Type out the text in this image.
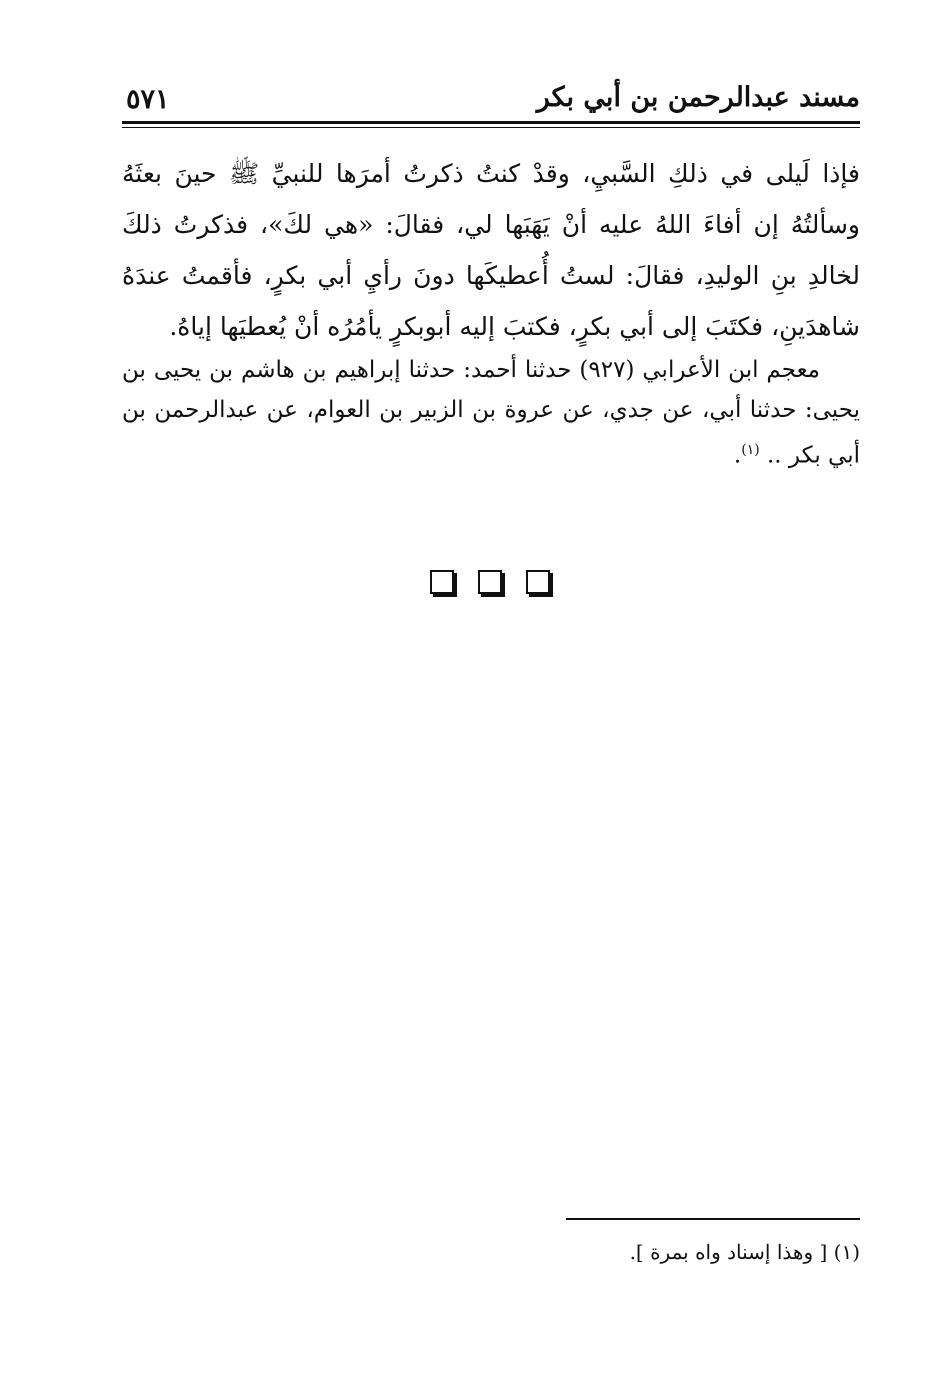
مسند عبدالرحمن بن أبي بكر
٥٧١

فإذا لَيلى في ذلكِ السَّبيِ، وقدْ كنتُ ذكرتُ أمرَها للنبيِّ ﷺ حينَ بعثَهُ وسألتُهُ إن أفاءَ اللهُ عليه أنْ يَهَبَها لي، فقالَ: «هي لكَ»، فذكرتُ ذلكَ لخالدِ بنِ الوليدِ، فقالَ: لستُ أُعطيكَها دونَ رأيِ أبي بكرٍ، فأقمتُ عندَهُ شاهدَينِ، فكتَبَ إلى أبي بكرٍ، فكتبَ إليه أبوبكرٍ يأمُرُه أنْ يُعطيَها إياهُ.

معجم ابن الأعرابي (٩٢٧) حدثنا أحمد: حدثنا إبراهيم بن هاشم بن يحيى بن يحيى: حدثنا أبي، عن جدي، عن عروة بن الزبير بن العوام، عن عبدالرحمن بن أبي بكر .. $^{(١)}$.

(١) [ وهذا إسناد واه بمرة ].
